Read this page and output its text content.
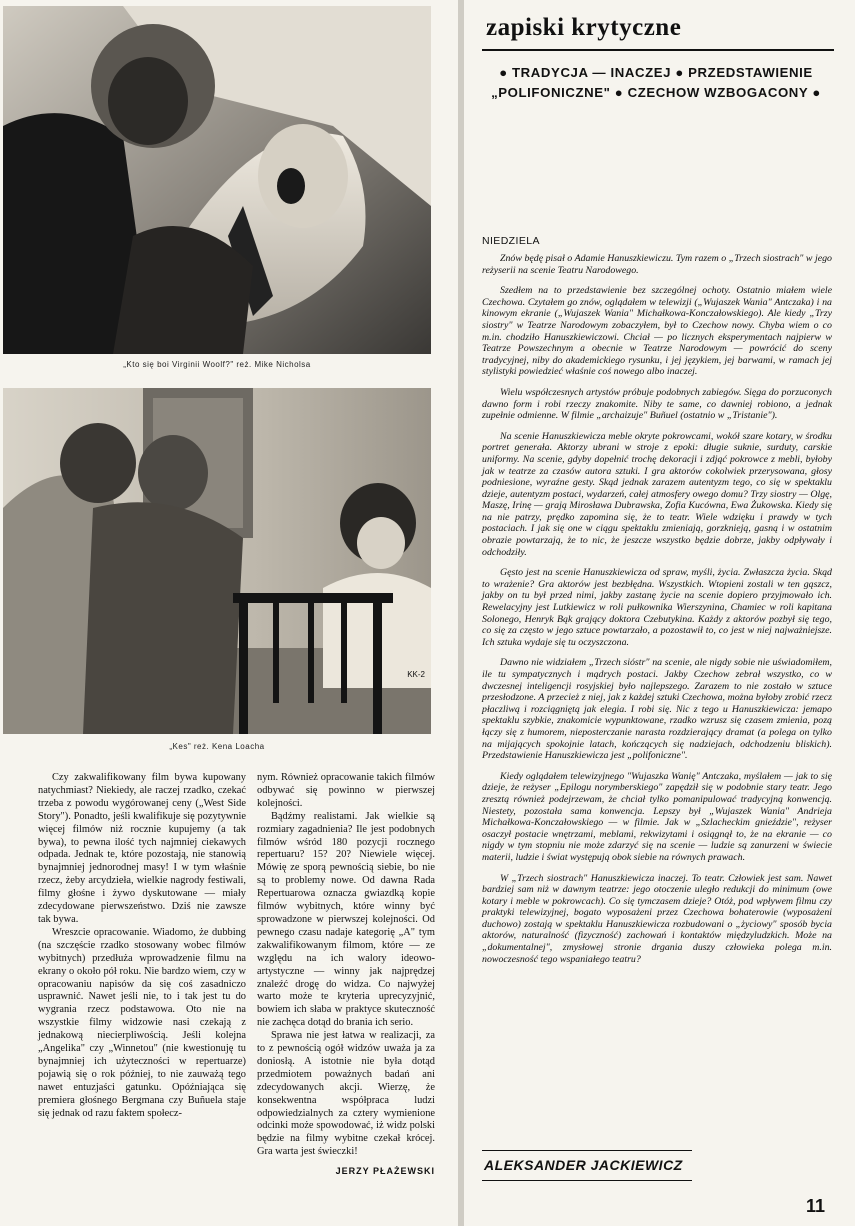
„Kto się boi Virginii Woolf?" reż. Mike Nicholsa
KK-2
„Kes" reż. Kena Loacha

Czy zakwalifikowany film bywa kupowany natychmiast? Niekiedy, ale raczej rzadko, czekać trzeba z powodu wygórowanej ceny („West Side Story"). Ponadto, jeśli kwalifikuje się pozytywnie więcej filmów niż rocznie kupujemy (a tak bywa), to pewna ilość tych najmniej ciekawych odpada. Jednak te, które pozostają, nie stanowią bynajmniej jednorodnej masy! I w tym właśnie rzecz, żeby arcydzieła, wielkie nagrody festiwali, filmy głośne i żywo dyskutowane — miały zdecydowane pierwszeństwo. Dziś nie zawsze tak bywa.

Wreszcie opracowanie. Wiadomo, że dubbing (na szczęście rzadko stosowany wobec filmów wybitnych) przedłuża wprowadzenie filmu na ekrany o około pół roku. Nie bardzo wiem, czy w opracowaniu napisów da się coś zasadniczo usprawnić. Nawet jeśli nie, to i tak jest tu do wygrania rzecz podstawowa. Oto nie na wszystkie filmy widzowie nasi czekają z jednakową niecierpliwością. Jeśli kolejna „Angelika" czy „Winnetou" (nie kwestionuję tu bynajmniej ich użyteczności w repertuarze) pojawią się o rok później, to nie zauważą tego nawet entuzjaści gatunku. Opóźniająca się premiera głośnego Bergmana czy Buñuela staje się jednak od razu faktem społecz-

nym. Również opracowanie takich filmów odbywać się powinno w pierwszej kolejności.

Bądźmy realistami. Jak wielkie są rozmiary zagadnienia? Ile jest podobnych filmów wśród 180 pozycji rocznego repertuaru? 15? 20? Niewiele więcej. Mówię ze sporą pewnością siebie, bo nie są to problemy nowe. Od dawna Rada Repertuarowa oznacza gwiazdką kopie filmów wybitnych, które winny być sprowadzone w pierwszej kolejności. Od pewnego czasu nadaje kategorię „A" tym zakwalifikowanym filmom, które — ze względu na ich walory ideowo-artystyczne — winny jak najprędzej znaleźć drogę do widza. Co najwyżej warto może te kryteria uprecyzyjnić, bowiem ich słaba w praktyce skuteczność nie zachęca dotąd do brania ich serio.

Sprawa nie jest łatwa w realizacji, za to z pewnością ogół widzów uważa ja za doniosłą. A istotnie nie była dotąd przedmiotem poważnych badań ani zdecydowanych akcji. Wierzę, że konsekwentna współpraca ludzi odpowiedzialnych za cztery wymienione odcinki może spowodować, iż widz polski będzie na filmy wybitne czekał krócej. Gra warta jest świeczki!

JERZY PŁAŻEWSKI
zapiski krytyczne
● TRADYCJA — INACZEJ ● PRZEDSTAWIENIE
„POLIFONICZNE" ● CZECHOW WZBOGACONY ●
NIEDZIELA

Znów będę pisał o Adamie Hanuszkiewiczu. Tym razem o „Trzech siostrach" w jego reżyserii na scenie Teatru Narodowego.

Szedłem na to przedstawienie bez szczególnej ochoty. Ostatnio miałem wiele Czechowa. Czytałem go znów, oglądałem w telewizji („Wujaszek Wania" Antczaka) i na kinowym ekranie („Wujaszek Wania" Michałkowa-Konczałowskiego). Ale kiedy „Trzy siostry" w Teatrze Narodowym zobaczyłem, był to Czechow nowy. Chyba wiem o co m.in. chodziło Hanuszkiewiczowi. Chciał — po licznych eksperymentach najpierw w Teatrze Powszechnym a obecnie w Teatrze Narodowym — powrócić do sceny tradycyjnej, niby do akademickiego rysunku, i jej językiem, jej barwami, w ramach jej stylistyki powiedzieć właśnie coś nowego albo inaczej.

Wielu współczesnych artystów próbuje podobnych zabiegów. Sięga do porzuconych dawno form i robi rzeczy znakomite. Niby te same, co dawniej robiono, a jednak zupełnie odmienne. W filmie „archaizuje" Buñuel (ostatnio w „Tristanie").

Na scenie Hanuszkiewicza meble okryte pokrowcami, wokół szare kotary, w środku portret generała. Aktorzy ubrani w stroje z epoki: długie suknie, surduty, carskie uniformy. Na scenie, gdyby dopełnić trochę dekoracji i zdjąć pokrowce z mebli, byłoby jak w teatrze za czasów autora sztuki. I gra aktorów cokolwiek przerysowana, głosy podniesione, wyraźne gesty. Skąd jednak zarazem autentyzm tego, co się w spektaklu dzieje, autentyzm postaci, wydarzeń, całej atmosfery owego domu? Trzy siostry — Olgę, Maszę, Irinę — grają Mirosława Dubrawska, Zofia Kucówna, Ewa Żukowska. Kiedy się na nie patrzy, prędko zapomina się, że to teatr. Wiele wdzięku i prawdy w tych postaciach. I jak się one w ciągu spektaklu zmieniają, gorzknieją, gasną i w ostatnim obrazie powtarzają, że to nic, że jeszcze wszystko będzie dobrze, jakby odpływały i odchodziły.

Gęsto jest na scenie Hanuszkiewicza od spraw, myśli, życia. Zwłaszcza życia. Skąd to wrażenie? Gra aktorów jest bezbłędna. Wszystkich. Wtopieni zostali w ten gąszcz, jakby on tu był przed nimi, jakby zastanę życie na scenie dopiero przyjmowało ich. Rewelacyjny jest Lutkiewicz w roli pułkownika Wierszynina, Chamiec w roli kapitana Solonego, Henryk Bąk grający doktora Czebutykina. Każdy z aktorów pozbył się tego, co się za często w jego sztuce powtarzało, a pozostawił to, co jest w niej najważniejsze. Ich sztuka wydaje się tu oczyszczona.

Dawno nie widziałem „Trzech sióstr" na scenie, ale nigdy sobie nie uświadomiłem, ile tu sympatycznych i mądrych postaci. Jakby Czechow zebrał wszystko, co w dwczesnej inteligencji rosyjskiej było najlepszego. Zarazem to nie zostało w sztuce przesłodzone. A przecież z niej, jak z każdej sztuki Czechowa, można byłoby zrobić rzecz płaczliwą i rozciągniętą jak elegia. I robi się. Nic z tego u Hanuszkiewicza: jemapo spektaklu szybkie, znakomicie wypunktowane, rzadko wzrusz się czasem zmienia, pozą łączy się z humorem, nieposterczanie narasta rozdzierający dramat (a polega on tylko na mijających spokojnie latach, kończących się nadziejach, odchodzeniu bliskich). Przedstawienie Hanuszkiewicza jest „polifoniczne".

Kiedy oglądałem telewizyjnego "Wujaszka Wanię" Antczaka, myślałem — jak to się dzieje, że reżyser „Epilogu norymberskiego" zapędził się w podobnie stary teatr. Jego zresztą również podejrzewam, że chciał tylko pomanipulować tradycyjną konwencją. Niestety, pozostała sama konwencja. Lepszy był „Wujaszek Wania" Andrieja Michałkowa-Konczałowskiego — w filmie. Jak w „Szlacheckim gnieździe", reżyser osaczył postacie wnętrzami, meblami, rekwizytami i osiągnął to, że na ekranie — co nigdy w tym stopniu nie może zdarzyć się na scenie — ludzie są zanurzeni w świecie materii, ludzie i świat występują obok siebie na równych prawach.

W „Trzech siostrach" Hanuszkiewicza inaczej. To teatr. Człowiek jest sam. Nawet bardziej sam niż w dawnym teatrze: jego otoczenie uległo redukcji do minimum (owe kotary i meble w pokrowcach). Co się tymczasem dzieje? Otóż, pod wpływem filmu czy praktyki telewizyjnej, bogato wyposażeni przez Czechowa bohaterowie (wyposażeni duchowo) zostają w spektaklu Hanuszkiewicza rozbudowani o „życiowy" sposób bycia aktorów, naturalność (fizyczność) zachowań i kontaktów międzyludzkich. Może na „dokumentalnej", zmysłowej stronie drgania duszy człowieka polega m.in. nowoczesność tego wspaniałego teatru?

ALEKSANDER JACKIEWICZ
11
